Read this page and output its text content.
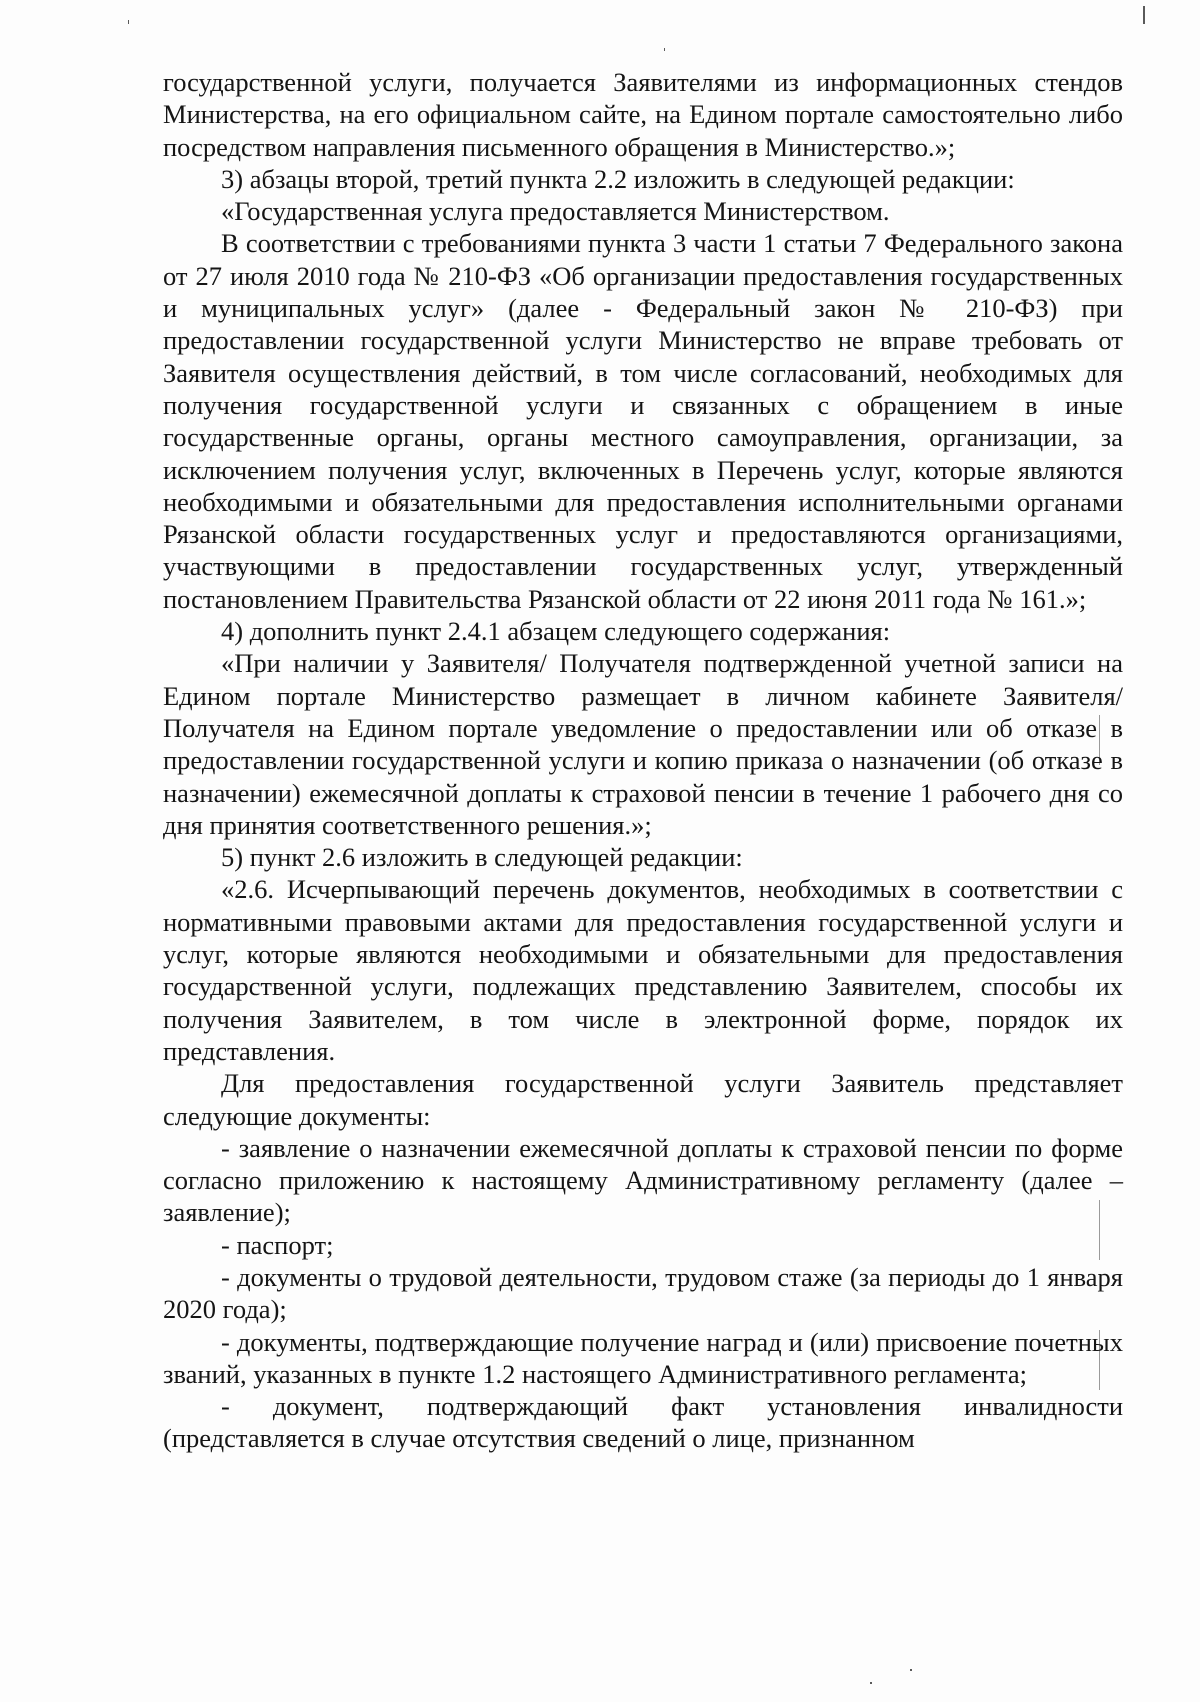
государственной услуги, получается Заявителями из информационных стендов Министерства, на его официальном сайте, на Едином портале самостоятельно либо посредством направления письменного обращения в Министерство.»;

3) абзацы второй, третий пункта 2.2 изложить в следующей редакции:

«Государственная услуга предоставляется Министерством.

В соответствии с требованиями пункта 3 части 1 статьи 7 Федерального закона от 27 июля 2010 года № 210-ФЗ «Об организации предоставления государственных и муниципальных услуг» (далее - Федеральный закон № 210-ФЗ) при предоставлении государственной услуги Министерство не вправе требовать от Заявителя осуществления действий, в том числе согласований, необходимых для получения государственной услуги и связанных с обращением в иные государственные органы, органы местного самоуправления, организации, за исключением получения услуг, включенных в Перечень услуг, которые являются необходимыми и обязательными для предоставления исполнительными органами Рязанской области государственных услуг и предоставляются организациями, участвующими в предоставлении государственных услуг, утвержденный постановлением Правительства Рязанской области от 22 июня 2011 года № 161.»;

4) дополнить пункт 2.4.1 абзацем следующего содержания:

«При наличии у Заявителя/ Получателя подтвержденной учетной записи на Едином портале Министерство размещает в личном кабинете Заявителя/ Получателя на Едином портале уведомление о предоставлении или об отказе в предоставлении государственной услуги и копию приказа о назначении (об отказе в назначении) ежемесячной доплаты к страховой пенсии в течение 1 рабочего дня со дня принятия соответственного решения.»;

5) пункт 2.6 изложить в следующей редакции:

«2.6. Исчерпывающий перечень документов, необходимых в соответствии с нормативными правовыми актами для предоставления государственной услуги и услуг, которые являются необходимыми и обязательными для предоставления государственной услуги, подлежащих представлению Заявителем, способы их получения Заявителем, в том числе в электронной форме, порядок их представления.

Для предоставления государственной услуги Заявитель представляет следующие документы:

- заявление о назначении ежемесячной доплаты к страховой пенсии по форме согласно приложению к настоящему Административному регламенту (далее – заявление);

- паспорт;

- документы о трудовой деятельности, трудовом стаже (за периоды до 1 января 2020 года);

- документы, подтверждающие получение наград и (или) присвоение почетных званий, указанных в пункте 1.2 настоящего Административного регламента;

- документ, подтверждающий факт установления инвалидности (представляется в случае отсутствия сведений о лице, признанном
